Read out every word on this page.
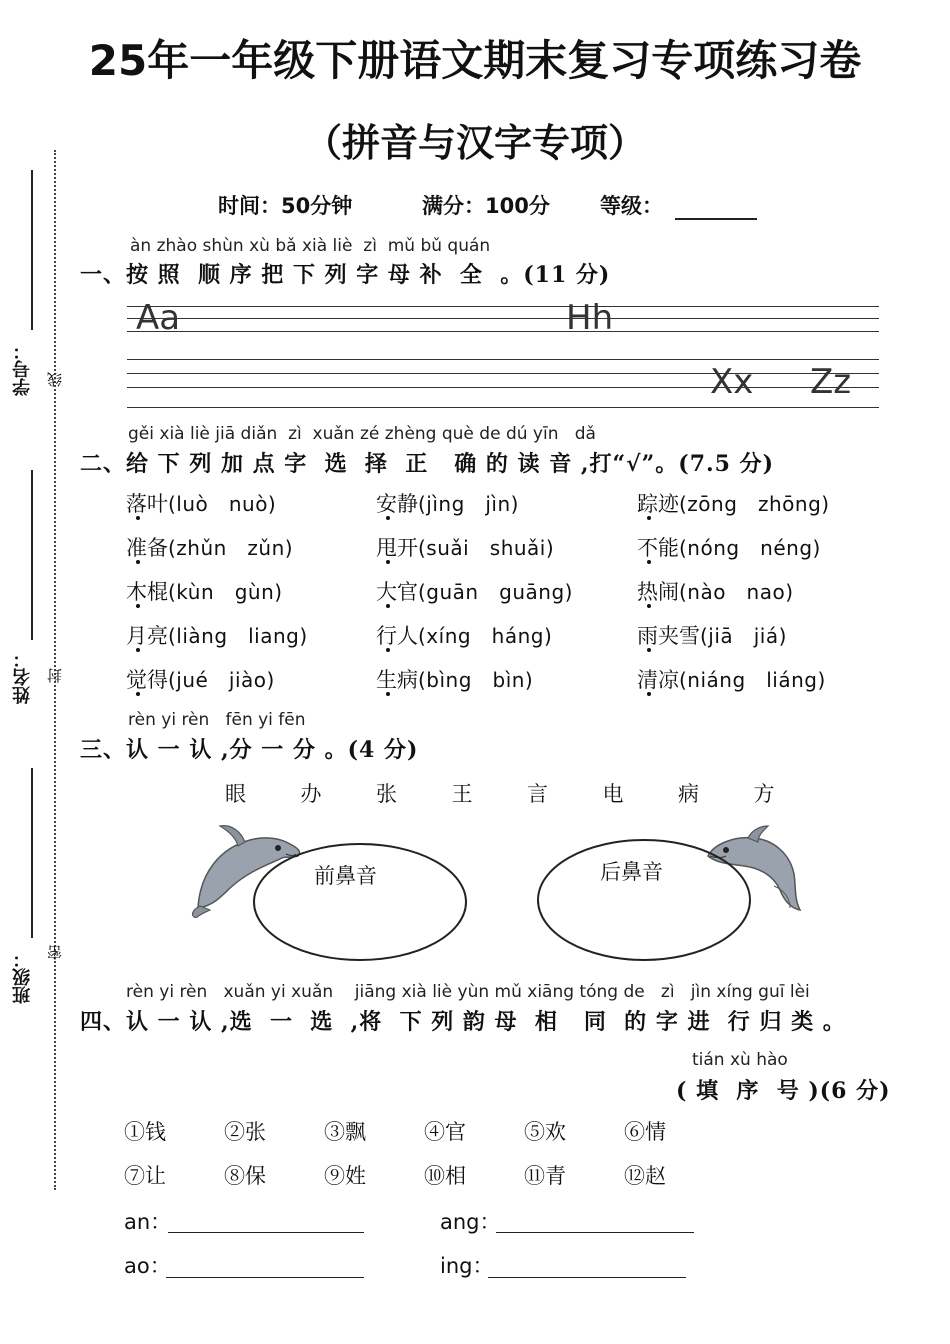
学号： 线
姓名： 封
班级： 密
25年一年级下册语文期末复习专项练习卷
（拼音与汉字专项）
时间：50分钟	满分：100分 等级：
àn zhào shùn xù bǎ xià liè  zì  mǔ bǔ quán
一、按 照  顺 序 把 下 列 字 母 补  全  。(11 分)
Aa	Hh
Xx Zz
gěi xià liè jiā diǎn  zì  xuǎn zé zhèng què de dú yīn   dǎ
二、给 下 列 加 点 字  选  择  正   确 的 读 音 ,打“√”。(7.5 分)
落叶(luò   nuò)	安静(jìng   jìn)	踪迹(zōng   zhōng)
准备(zhǔn   zǔn)	甩开(suǎi   shuǎi)	不能(nóng   néng)
木棍(kùn   gùn)	大官(guān   guāng)	热闹(nào   nao)
月亮(liàng   liang)	行人(xíng   háng)	雨夹雪(jiā   jiá)
觉得(jué   jiào)	生病(bìng   bìn)	清凉(niáng   liáng)
rèn yi rèn   fēn yi fēn
三、认 一 认 ,分 一 分 。(4 分)
眼	办	张	王	言	电	病	方
前鼻音	后鼻音
rèn yi rèn   xuǎn yi xuǎn    jiāng xià liè yùn mǔ xiāng tóng de   zì   jìn xíng guī lèi
四、认 一 认 ,选  一  选  ,将  下 列 韵 母  相   同  的 字 进  行 归 类 。
tián xù hào
( 填  序  号 )(6 分)
①钱	②张	③飘	④官	⑤欢	⑥情
⑦让	⑧保	⑨姓	⑩相	⑪青	⑫赵
an：	ang：
ao：	ing：
